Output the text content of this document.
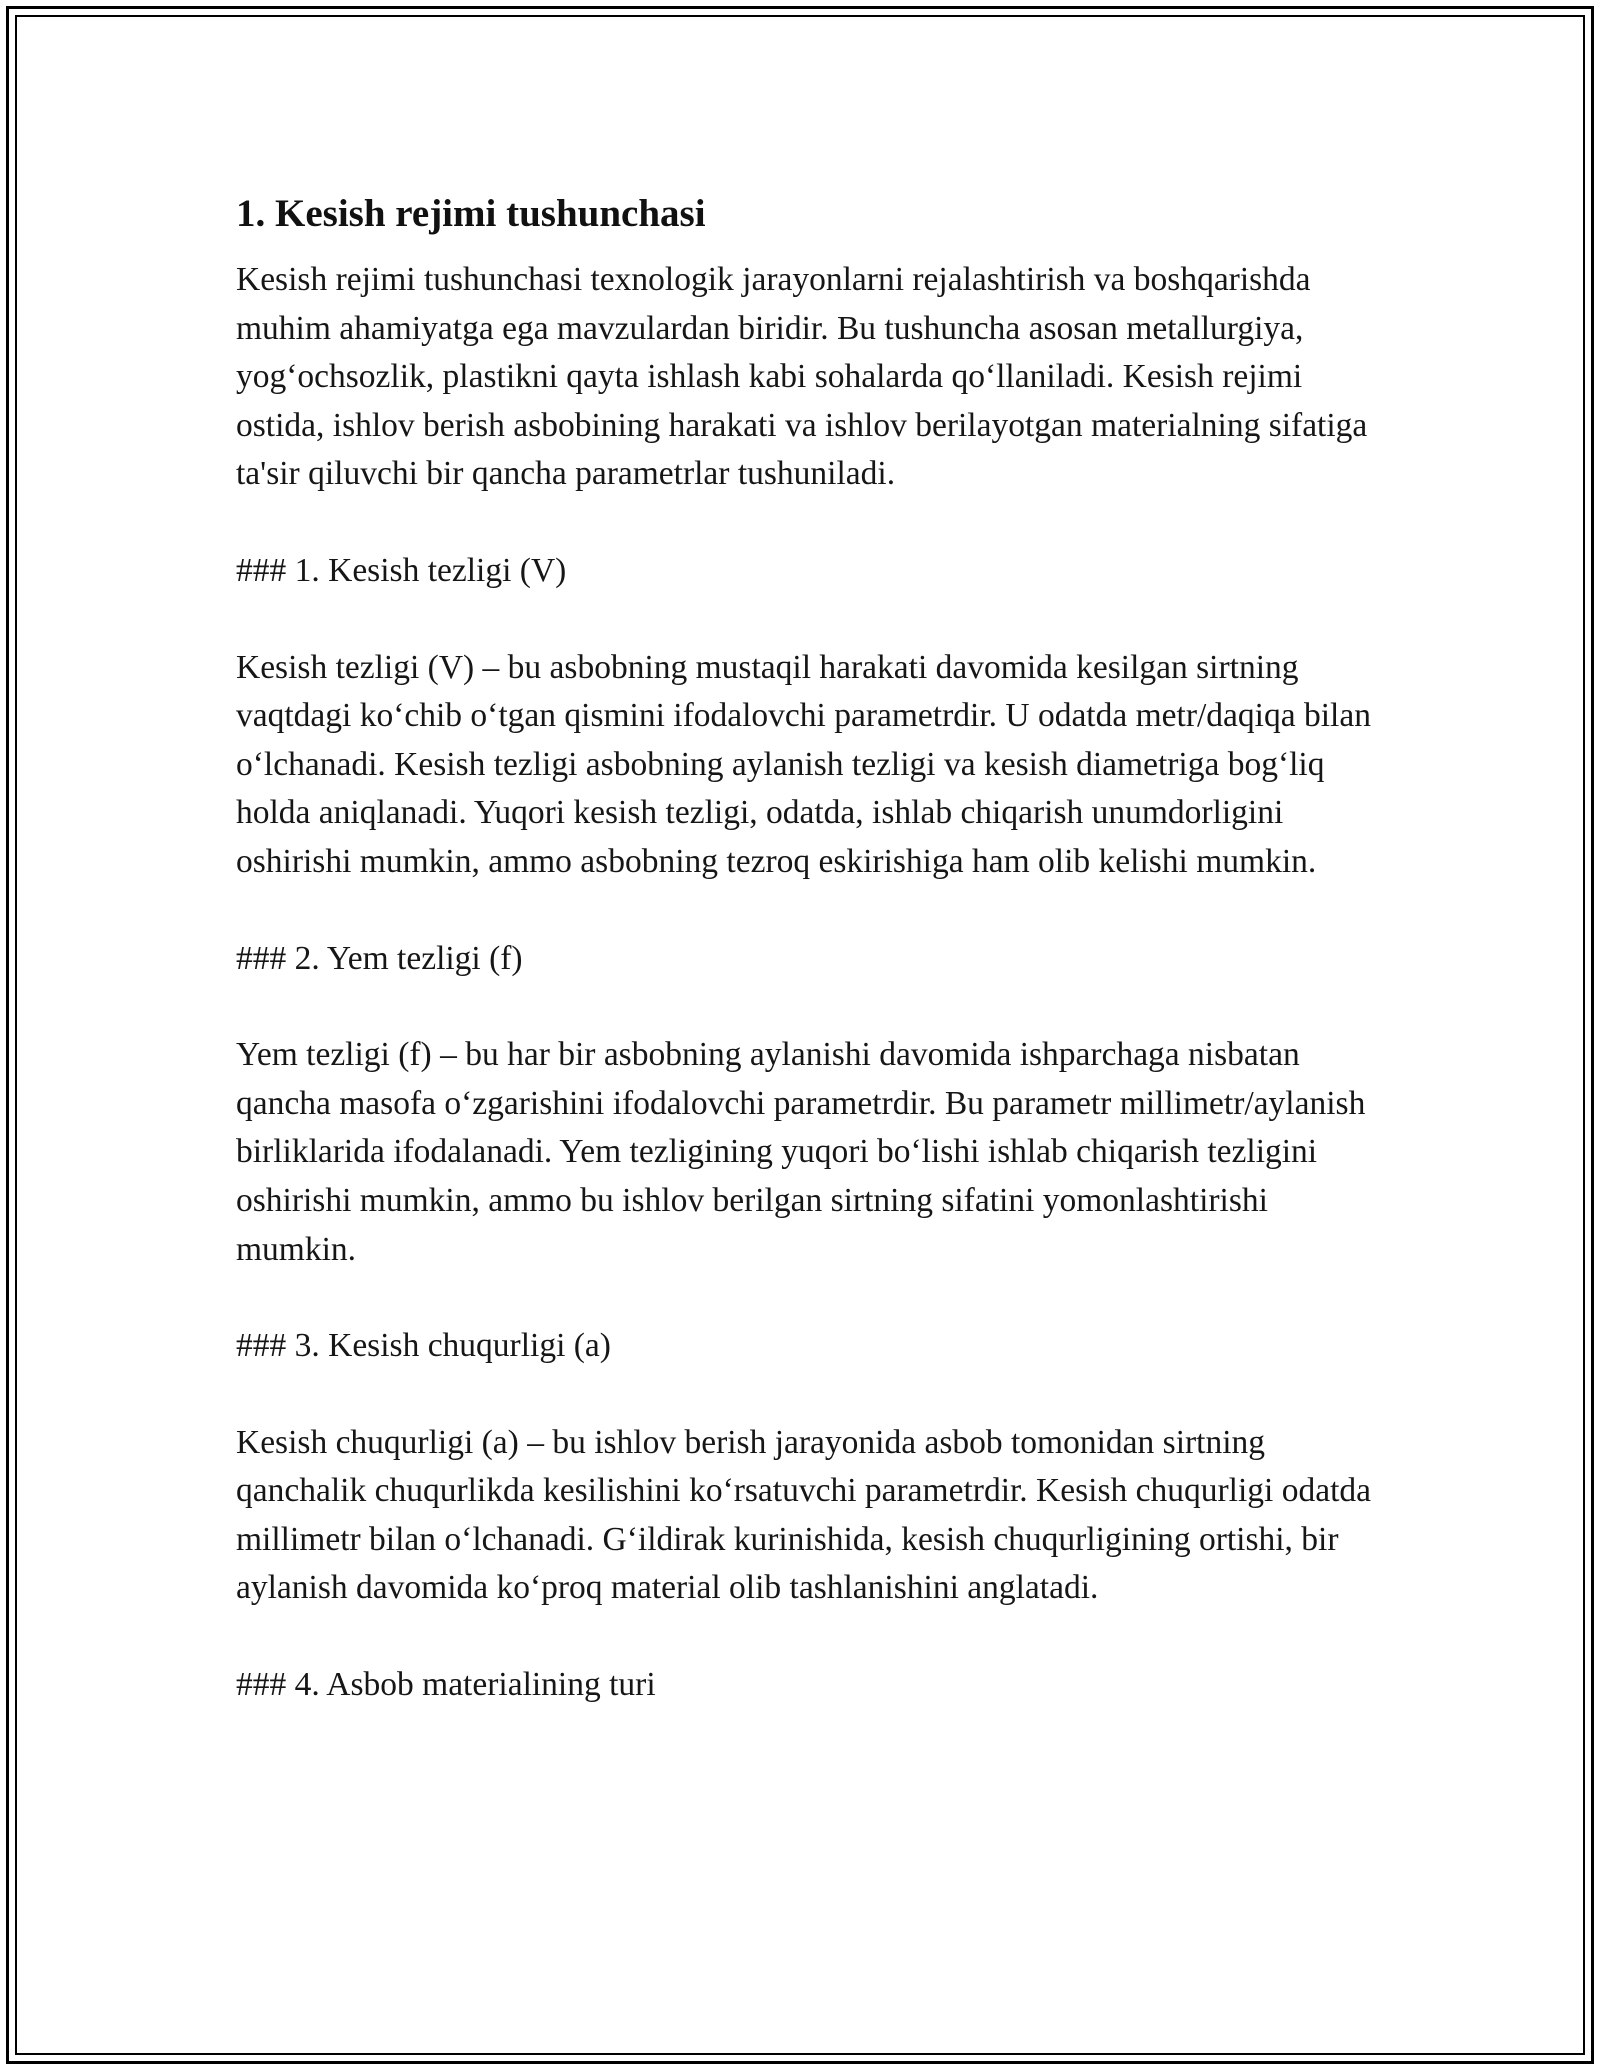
1. Kesish rejimi tushunchasi

Kesish rejimi tushunchasi texnologik jarayonlarni rejalashtirish va boshqarishda muhim ahamiyatga ega mavzulardan biridir. Bu tushuncha asosan metallurgiya, yog‘ochsozlik, plastikni qayta ishlash kabi sohalarda qo‘llaniladi. Kesish rejimi ostida, ishlov berish asbobining harakati va ishlov berilayotgan materialning sifatiga ta'sir qiluvchi bir qancha parametrlar tushuniladi.

### 1. Kesish tezligi (V)

Kesish tezligi (V) – bu asbobning mustaqil harakati davomida kesilgan sirtning vaqtdagi ko‘chib o‘tgan qismini ifodalovchi parametrdir. U odatda metr/daqiqa bilan o‘lchanadi. Kesish tezligi asbobning aylanish tezligi va kesish diametriga bog‘liq holda aniqlanadi. Yuqori kesish tezligi, odatda, ishlab chiqarish unumdorligini oshirishi mumkin, ammo asbobning tezroq eskirishiga ham olib kelishi mumkin.

### 2. Yem tezligi (f)

Yem tezligi (f) – bu har bir asbobning aylanishi davomida ishparchaga nisbatan qancha masofa o‘zgarishini ifodalovchi parametrdir. Bu parametr millimetr/aylanish birliklarida ifodalanadi. Yem tezligining yuqori bo‘lishi ishlab chiqarish tezligini oshirishi mumkin, ammo bu ishlov berilgan sirtning sifatini yomonlashtirishi mumkin.

### 3. Kesish chuqurligi (a)

Kesish chuqurligi (a) – bu ishlov berish jarayonida asbob tomonidan sirtning qanchalik chuqurlikda kesilishini ko‘rsatuvchi parametrdir. Kesish chuqurligi odatda millimetr bilan o‘lchanadi. G‘ildirak kurinishida, kesish chuqurligining ortishi, bir aylanish davomida ko‘proq material olib tashlanishini anglatadi.

### 4. Asbob materialining turi
